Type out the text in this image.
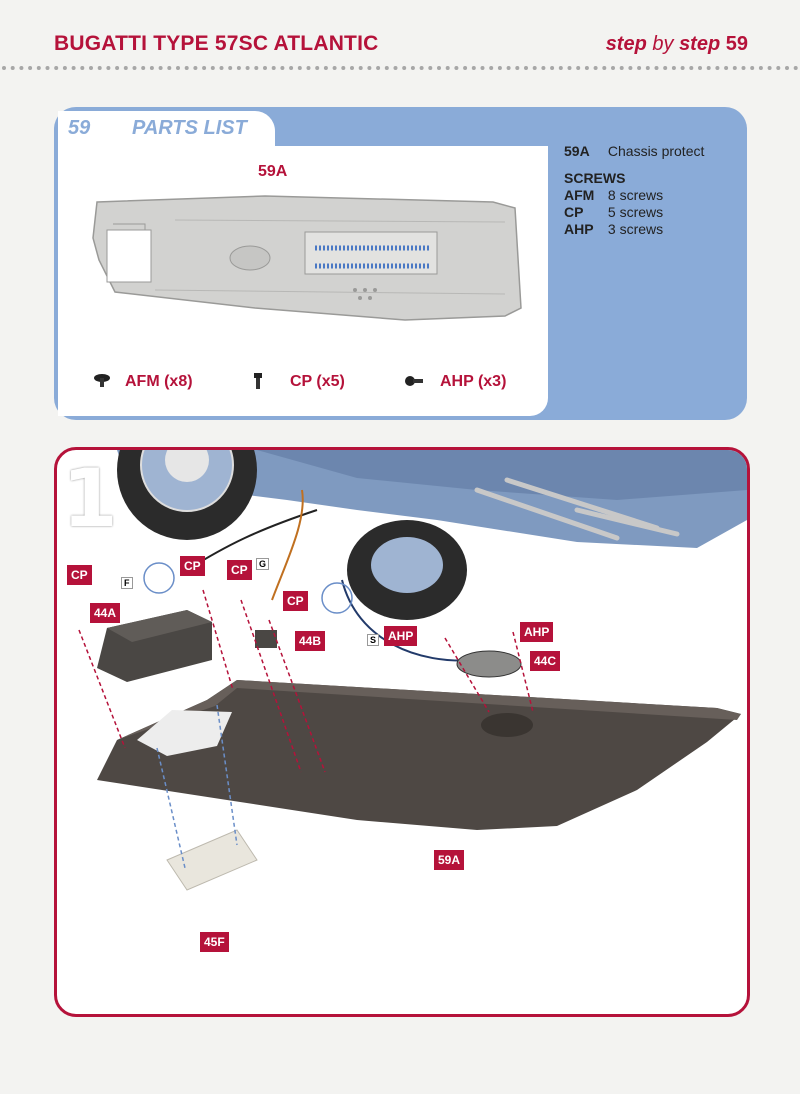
BUGATTI TYPE 57SC ATLANTIC	step by step 59
59 PARTS LIST
59A
AFM (x8)	CP (x5)	AHP (x3)
59A Chassis protect
SCREWS
AFM 8 screws
CP 5 screws
AHP 3 screws
1
CP
CP	CP
CP
44A
44B	AHP	AHP
44C
59A
45F
F
G
S
